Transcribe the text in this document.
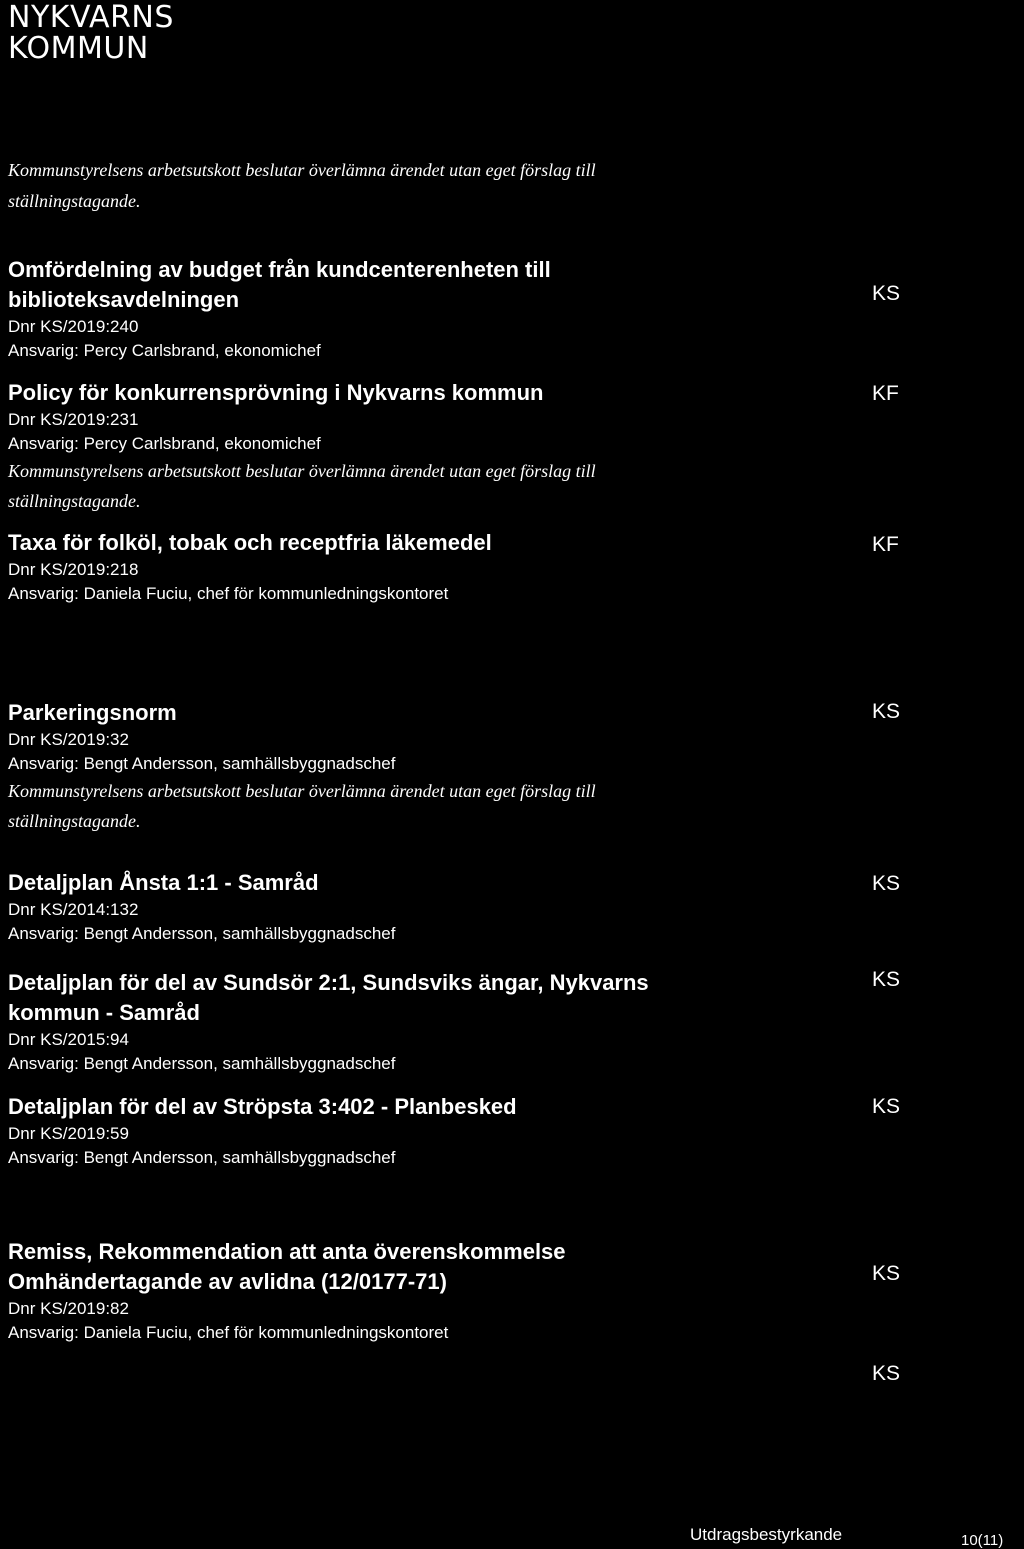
NYKVARNS
KOMMUN
Kommunstyrelsens arbetsutskott beslutar överlämna ärendet utan eget förslag till ställningstagande.
Omfördelning av budget från kundcenterenheten till
biblioteksavdelningen
Dnr KS/2019:240
Ansvarig: Percy Carlsbrand, ekonomichef
KS
Policy för konkurrensprövning i Nykvarns kommun
Dnr KS/2019:231
Ansvarig: Percy Carlsbrand, ekonomichef
Kommunstyrelsens arbetsutskott beslutar överlämna ärendet utan eget förslag till ställningstagande.
KF
Taxa för folköl, tobak och receptfria läkemedel
Dnr KS/2019:218
Ansvarig: Daniela Fuciu, chef för kommunledningskontoret
KF
Parkeringsnorm
Dnr KS/2019:32
Ansvarig: Bengt Andersson, samhällsbyggnadschef
Kommunstyrelsens arbetsutskott beslutar överlämna ärendet utan eget förslag till ställningstagande.
KS
Detaljplan Ånsta 1:1 - Samråd
Dnr KS/2014:132
Ansvarig: Bengt Andersson, samhällsbyggnadschef
KS
Detaljplan för del av Sundsör 2:1, Sundsviks ängar, Nykvarns
kommun - Samråd
Dnr KS/2015:94
Ansvarig: Bengt Andersson, samhällsbyggnadschef
KS
Detaljplan för del av Ströpsta 3:402 - Planbesked
Dnr KS/2019:59
Ansvarig: Bengt Andersson, samhällsbyggnadschef
KS
Remiss, Rekommendation att anta överenskommelse
Omhändertagande av avlidna (12/0177-71)
Dnr KS/2019:82
Ansvarig: Daniela Fuciu, chef för kommunledningskontoret
KS
KS
Utdragsbestyrkande	10(11)
